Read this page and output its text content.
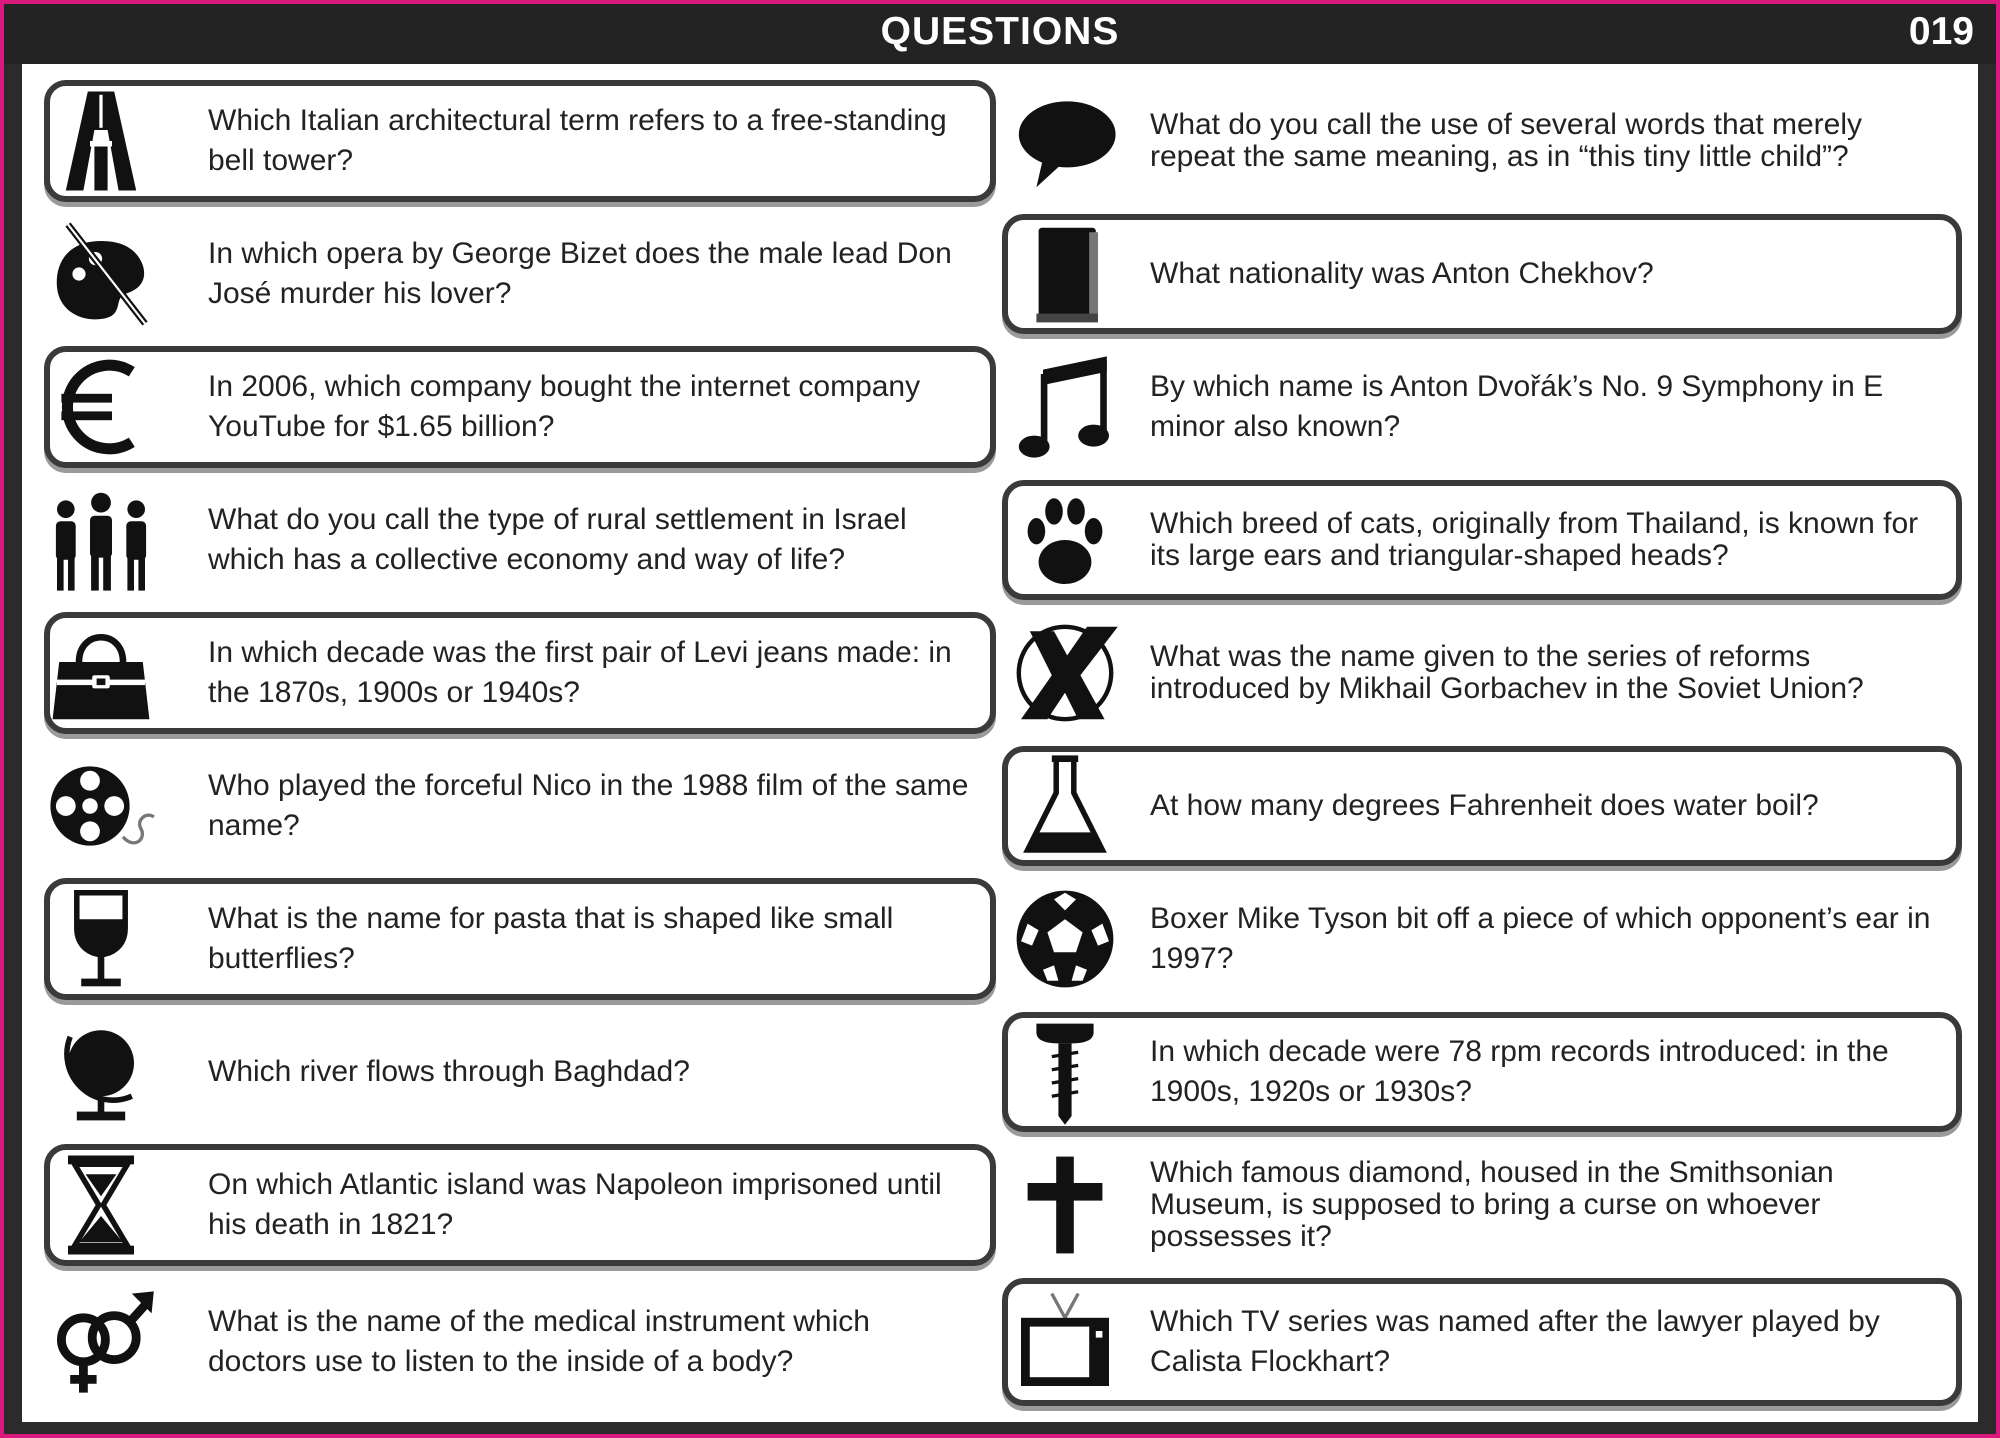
QUESTIONS	019
Which Italian architectural term refers to a free-standing bell tower?
In which opera by George Bizet does the male lead Don José murder his lover?
In 2006, which company bought the internet company YouTube for $1.65 billion?
What do you call the type of rural settlement in Israel which has a collective economy and way of life?
In which decade was the first pair of Levi jeans made: in the 1870s, 1900s or 1940s?
Who played the forceful Nico in the 1988 film of the same name?
What is the name for pasta that is shaped like small butterflies?
Which river flows through Baghdad?
On which Atlantic island was Napoleon imprisoned until his death in 1821?
What is the name of the medical instrument which doctors use to listen to the inside of a body?
What do you call the use of several words that merely repeat the same meaning, as in “this tiny little child”?
What nationality was Anton Chekhov?
By which name is Anton Dvořák’s No. 9 Symphony in E minor also known?
Which breed of cats, originally from Thailand, is known for its large ears and triangular-shaped heads?
What was the name given to the series of reforms introduced by Mikhail Gorbachev in the Soviet Union?
At how many degrees Fahrenheit does water boil?
Boxer Mike Tyson bit off a piece of which opponent’s ear in 1997?
In which decade were 78 rpm records introduced: in the 1900s, 1920s or 1930s?
Which famous diamond, housed in the Smithsonian Museum, is supposed to bring a curse on whoever possesses it?
Which TV series was named after the lawyer played by Calista Flockhart?
